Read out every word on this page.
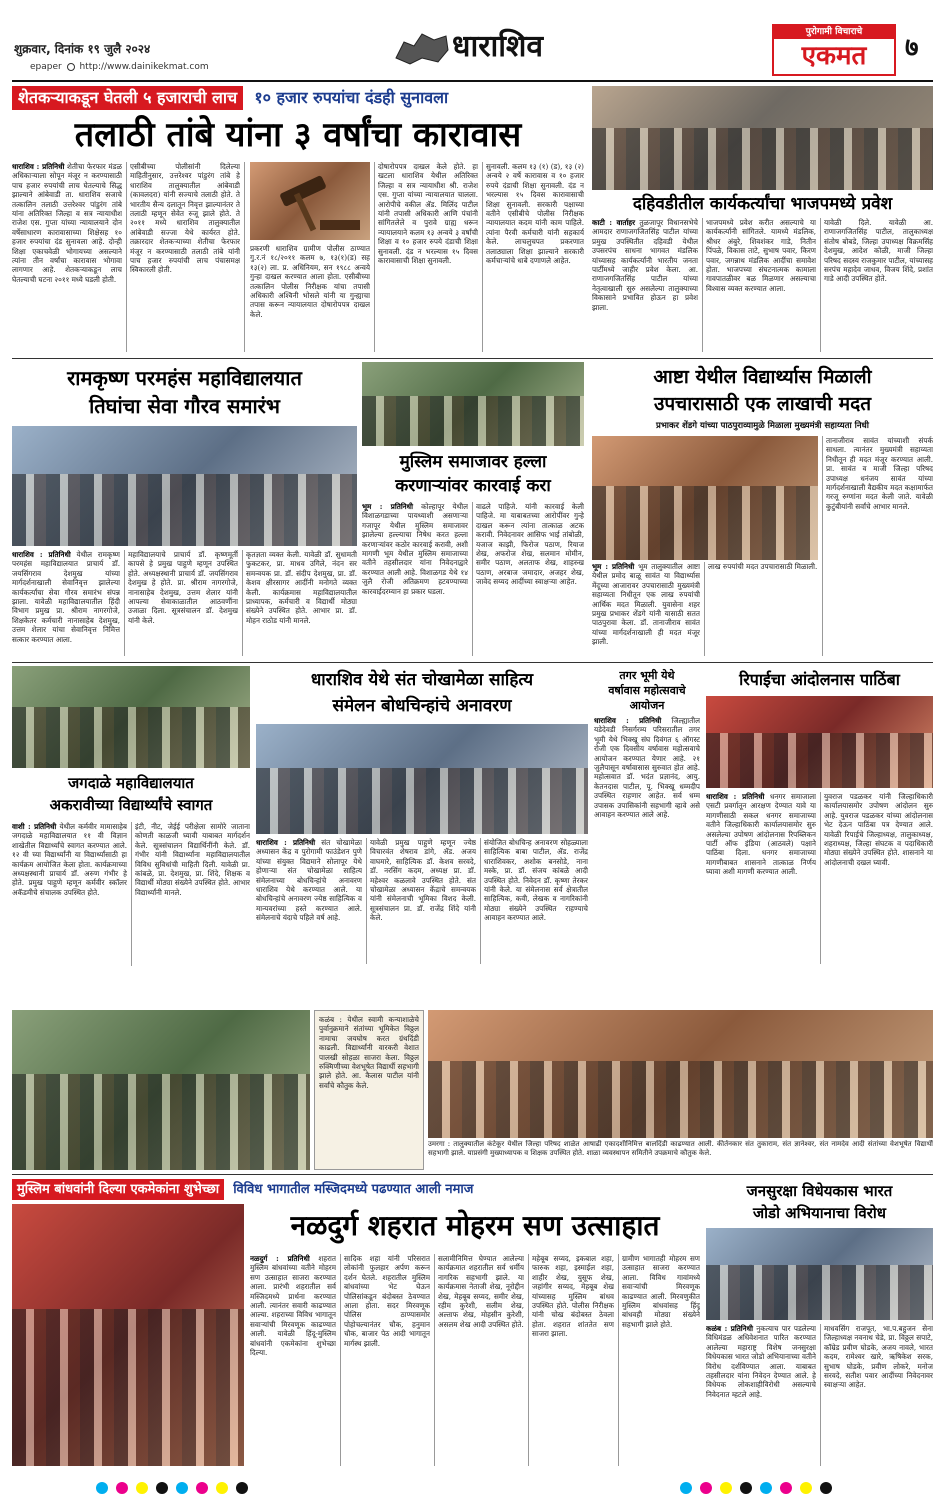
शुक्रवार, दिनांक १९ जुलै २०२४
epaper http://www.dainikekmat.com
धाराशिव	पुरोगामी विचाराचे
एकमत	७
शेतकऱ्याकडून घेतली ५ हजाराची लाच १० हजार रुपयांचा दंडही सुनावला
तलाठी तांबे यांना ३ वर्षांचा कारावास
धाराशिव : प्रतिनिधी शेतीचा फेरफार मंडळ अधिकाऱ्याला सोपून मंजूर न करण्यासाठी पाच हजार रुपयांची लाच घेतल्याचे सिद्ध झाल्याने आंबेवाडी ता. धाराशिव सजाचे तत्कालिन तलाठी उत्तरेश्वर पांडुरंग तांबे यांना अतिरिक्त जिल्हा व सत्र न्यायाधीश राजेश एस. गुप्ता यांच्या न्यायालयाने दोन वर्षेसाधारण कारावासाच्या शिक्षेसह १० हजार रुपयांचा दंड सुनावला आहे. दोन्ही शिक्षा एकाचवेळी भोगायच्या असल्याने त्यांना तीन वर्षांचा कारावास भोगावा लागणार आहे. शेतकऱ्याकडून लाच घेतल्याची घटना २०११ मध्ये घडली होती.
एसीबीच्या पोलीसांनी दिलेल्या माहितीनुसार, उत्तरेश्वर पांडुरंग तांबे हे धाराशिव तालुक्यातील आंबेवाडी (कावलदरा) यांनी सज्याचे तलाठी होते. ते भारतीय सैन्य दलातून निवृत्त झाल्यानंतर ते तलाठी म्हणून सेवेत रुजू झाले होते. ते २०११ मध्ये धाराशिव तालुक्यातील आंबेवाडी सज्जा येथे कार्यरत होते. तक्रारदार शेतकऱ्याच्या शेतीचा फेरफार मंजूर न करण्यासाठी तलाठी तांबे यांनी पाच हजार रुपयांची लाच पंचासमक्ष स्विकारली होती.
प्रकरणी धाराशिव ग्रामीण पोलीस ठाण्यात गु.र.नं १८/२०११ कलम ७, १३(१)(ड) सह १३(२) ला. प्र. अधिनियम, सन १९८८ अन्वये गुन्हा दाखल करण्यात आला होता. एसीबीच्या तत्कालिन पोलीस निरीक्षक यांचा तपासी अधिकारी अश्विनी भोसले यांनी या गुन्ह्याचा तपास करून न्यायालयात दोषारोपपत्र दाखल केले.
दोषारोपपत्र दाखल केले होते. हा खटला धाराशिव येथील अतिरिक्त जिल्हा व सत्र न्यायाधीश श्री. राजेश एस. गुप्ता यांच्या न्यायालयात चालला. आरोपीचे वकील ॲड. मिलिंद पाटील यांनी तपासी अधिकारी आणि पंचांनी सांगितलेले व पुरावे ग्राह्य धरून न्यायालयाने कलम १३ अन्वये ३ वर्षांची शिक्षा व १० हजार रुपये दंडाची शिक्षा सुनावली. दंड न भरल्यास १५ दिवस कारावासाची शिक्षा सुनावली.
सुनावली. कलम १३ (१) (ड), १३ (२) अन्वये २ वर्षे कारावास व १० हजार रुपये दंडाची शिक्षा सुनावली. दंड न भरल्यास १५ दिवस कारावासाची शिक्षा सुनावली. सरकारी पक्षाच्या वतीने एसीबीचे पोलीस निरीक्षक न्यायालयात कदम यांनी काम पाहिले. त्यांना पैरवी कर्मचारी यांनी सहकार्य केले. लाचलुचपत प्रकरणात तलाठ्याला शिक्षा झाल्याने सरकारी कर्मचाऱ्यांचे धाबे दणाणले आहेत.
दहिवडीतील कार्यकर्त्यांचा भाजपमध्ये प्रवेश
काटी : वार्ताहर तुळजापूर विधानसभेचे आमदार राणाजगजितसिंह पाटील यांच्या प्रमुख उपस्थितीत दहिवडी येथील उपसरपंच साधना भागवत मंडलिक यांच्यासह कार्यकर्त्यांनी भारतीय जनता पार्टीमध्ये जाहीर प्रवेश केला. आ. राणाजगजितसिंह पाटील यांच्या नेतृत्वाखाली सुरु असलेल्या तालुक्याच्या विकासाने प्रभावित होऊन हा प्रवेश झाला.
भाजपमध्ये प्रवेश करीत असल्याचे या कार्यकर्त्यांनी सांगितले. यामध्ये मंडलिक, श्रीधर अंबुरे, शिवशंकर गाडे, नितीन पिंपळे, विकास ताटे, सुभाष पवार, किरण पवार, जगन्नाथ मंडलिक आदींचा समावेश होता. भाजपच्या संघटनात्मक कामाला गावपातळीवर बळ मिळणार असल्याचा विश्वास व्यक्त करण्यात आला.
यावेळी दिले. यावेळी आ. राणाजगजितसिंह पाटील, तालुकाध्यक्ष संतोष बोबडे, जिल्हा उपाध्यक्ष विक्रमसिंह देशमुख, आदेश कोळी, माजी जिल्हा परिषद सदस्य राजकुमार पाटील, यांच्यासह सरपंच महादेव जाधव, विजय शिंदे, प्रशांत गाडे आदी उपस्थित होते.
रामकृष्ण परमहंस महाविद्यालयात
तिघांचा सेवा गौरव समारंभ
धाराशिव : प्रतिनिधी येथील रामकृष्ण परमहंस महाविद्यालयात प्राचार्य डॉ. जयसिंगराव देशमुख यांच्या मार्गदर्शनाखाली सेवानिवृत्त झालेल्या कार्यकर्त्यांचा सेवा गौरव समारंभ संपन्न झाला. यावेळी महाविद्यालयातील हिंदी विभाग प्रमुख प्रा. श्रीराम नागरगोजे, शिक्षकेतर कर्मचारी नानासाहेब देशमुख, उत्तम शेलार यांचा सेवानिवृत्त निमित्त सत्कार करण्यात आला.
महाविद्यालयाचे प्राचार्य डॉ. कृष्णमूर्ती कापसे हे प्रमुख पाहुणे म्हणून उपस्थित होते. अध्यक्षस्थानी प्राचार्य डॉ. जयसिंगराव देशमुख हे होते. प्रा. श्रीराम नागरगोजे, नानासाहेब देशमुख, उत्तम शेलार यांनी आपल्या सेवाकाळातील आठवणींना उजाळा दिला. सूत्रसंचालन डॉ. देशमुख यांनी केले.
कृतज्ञता व्यक्त केली. यावेळी डॉ. सुधामती फुकटकर, प्रा. माधव उगिले, नंदन सर समन्वयक प्रा. डॉ. संदीप देशमुख, प्रा. डॉ. केशव क्षीरसागर आदींनी मनोगते व्यक्त केली. कार्यक्रमास महाविद्यालयातील प्राध्यापक, कर्मचारी व विद्यार्थी मोठ्या संख्येने उपस्थित होते. आभार प्रा. डॉ. मोहन राठोड यांनी मानले.
मुस्लिम समाजावर हल्ला
करणाऱ्यांवर कारवाई करा
भूम : प्रतिनिधी कोल्हापूर येथील विशाळगडाच्या पायथ्याशी असणाऱ्या गजापूर येथील मुस्लिम समाजावर झालेल्या हल्ल्याचा निषेध करत हल्ला करणाऱ्यांवर कठोर कारवाई करावी, अशी मागणी भूम येथील मुस्लिम समाजाच्या वतीने तहसीलदार यांना निवेदनाद्वारे करण्यात आली आहे. विशाळगड येथे १४ जुलै रोजी अतिक्रमण हटवण्याच्या कारवाईदरम्यान हा प्रकार घडला.
वाढले पाहिजे. यांनी कारवाई केली पाहिजे. मा याबाबतच्या आरोपींवर गुन्हे दाखल करून त्यांना तात्काळ अटक करावी. निवेदनावर आसिफ भाई तांबोळी, यजाज काझी, फिरोज पठाण, रियाज शेख, अफरोज शेख, सलमान मोमीन, समीर पठाण, अलताफ शेख, शाहरुख पठाण, अरबाज जमादार, अजहर शेख, जावेद सय्यद आदींच्या स्वाक्षऱ्या आहेत.
आष्टा येथील विद्यार्थ्यास मिळाली
उपचारासाठी एक लाखाची मदत
प्रभाकर शेंडगे यांच्या पाठपुराव्यामुळे मिळाला मुख्यमंत्री सहाय्यता निधी
भूम : प्रतिनिधी भूम तालुक्यातील आष्टा येथील प्रमोद बाळू सावंत या विद्यार्थ्यास मेंदूच्या आजारावर उपचारासाठी मुख्यमंत्री सहाय्यता निधीतून एक लाख रुपयांची आर्थिक मदत मिळाली. युवासेना शहर प्रमुख प्रभाकर शेंडगे यांनी यासाठी सतत पाठपुरावा केला. डॉ. तानाजीराव सावंत यांच्या मार्गदर्शनाखाली ही मदत मंजूर झाली.
लाख रुपयांची मदत उपचारासाठी मिळाली.
तानाजीराव सावंत यांच्याशी संपर्क साधला. त्यानंतर मुख्यमंत्री सहाय्यता निधीतून ही मदत मंजूर करण्यात आली. प्रा. सावंत व माजी जिल्हा परिषद उपाध्यक्ष धनंजय सावंत यांच्या मार्गदर्शनाखाली वैद्यकीय मदत कक्षामार्फत गरजू रुग्णांना मदत केली जाते. यावेळी कुटुंबीयांनी सर्वांचे आभार मानले.
जगदाळे महाविद्यालयात
अकरावीच्या विद्यार्थ्यांचे स्वागत
वाशी : प्रतिनिधी येथील कर्मवीर मामासाहेब जगदाळे महाविद्यालयात ११ वी विज्ञान शाखेतील विद्यार्थ्यांचे स्वागत करण्यात आले. १२ वी च्या विद्यार्थ्यांनी या विद्यार्थ्यांसाठी हा कार्यक्रम आयोजित केला होता. कार्यक्रमाच्या अध्यक्षस्थानी प्राचार्य डॉ. अरुण गंभीर हे होते. प्रमुख पाहुणे म्हणून कर्मवीर स्कॉलर अकॅडमीचे संचालक उपस्थित होते.
इंटी, नीट, जेईई परीक्षेला सामोरे जाताना कोणती काळजी घ्यावी याबाबत मार्गदर्शन केले. सूत्रसंचालन विद्यार्थिनींनी केले. डॉ. गंभीर यांनी विद्यार्थ्यांना महाविद्यालयातील विविध सुविधांची माहिती दिली. यावेळी प्रा. कांबळे, प्रा. देशमुख, प्रा. शिंदे, शिक्षक व विद्यार्थी मोठ्या संख्येने उपस्थित होते. आभार विद्यार्थ्यांनी मानले.
धाराशिव येथे संत चोखामेळा साहित्य
संमेलन बोधचिन्हांचे अनावरण
धाराशिव : प्रतिनिधी संत चोखामेळा अध्यासन केंद्र व पुरोगामी फाउंडेशन पुणे यांच्या संयुक्त विद्यमाने सोलापूर येथे होणाऱ्या संत चोखामेळा साहित्य संमेलनाच्या बोधचिन्हांचे अनावरण धाराशिव येथे करण्यात आले. या बोधचिन्हांचे अनावरण ज्येष्ठ साहित्यिक व मान्यवरांच्या हस्ते करण्यात आले. संमेलनाचे यंदाचे पहिले वर्ष आहे.
यावेळी प्रमुख पाहुणे म्हणून ज्येष्ठ विचारवंत शेषराव डांगे, ॲड. अजय वाघमारे, साहित्यिक डॉ. केशव सरवदे, डॉ. नरसिंग कदम, अध्यक्ष प्रा. डॉ. महेश्वर कळलावे उपस्थित होते. संत चोखामेळा अध्यासन केंद्राचे समन्वयक यांनी संमेलनाची भूमिका विशद केली. सूत्रसंचालन प्रा. डॉ. राजेंद्र शिंदे यांनी केले.
संयोजित बोधचिन्ह अनावरण सोहळ्याला साहित्यिक बाबा पाटील, ॲड. राजेंद्र धाराशिवकर, अशोक बनसोडे, नाना मस्के, प्रा. डॉ. संजय कांबळे आदी उपस्थित होते. निवेदन डॉ. कृष्णा तेरकर यांनी केले. या संमेलनास सर्व क्षेत्रातील साहित्यिक, कवी, लेखक व नागरिकांनी मोठ्या संख्येने उपस्थित राहण्याचे आवाहन करण्यात आले.
तगर भूमी येथे
वर्षावास महोत्सवाचे
आयोजन
धाराशिव : प्रतिनिधी जिल्ह्यातील यडेदेवडी निसर्गरम्य परिसरातील तगर भूमी येथे भिक्खू संघ दिवंगत ६ ऑगस्ट रोजी एक दिवसीय वर्षावास महोत्सवाचे आयोजन करण्यात येणार आहे. २१ जुलैपासून वर्षावासास सुरुवात होत आहे. महोत्सवात डॉ. भदंत प्रज्ञानंद, आयु. केतनदास पाटील, पू. भिक्खू धम्मदीप उपस्थित राहणार आहेत. सर्व धम्म उपासक उपासिकांनी सहभागी व्हावे असे आवाहन करण्यात आले आहे.
रिपाईचा आंदोलनास पाठिंबा
धाराशिव : प्रतिनिधी धनगर समाजाला एसटी प्रवर्गातून आरक्षण देण्यात यावे या मागणीसाठी सकल धनगर समाजाच्या वतीने जिल्हाधिकारी कार्यालयासमोर सुरु असलेल्या उपोषण आंदोलनास रिपब्लिकन पार्टी ऑफ इंडिया (आठवले) पक्षाने पाठिंबा दिला. धनगर समाजाच्या मागणीबाबत शासनाने तात्काळ निर्णय घ्यावा अशी मागणी करण्यात आली.
युवराज पडळकर यांनी जिल्हाधिकारी कार्यालयासमोर उपोषण आंदोलन सुरु आहे. युवराज पडळकर यांच्या आंदोलनास भेट देऊन पाठिंबा पत्र देण्यात आले. यावेळी रिपाईचे जिल्हाध्यक्ष, तालुकाध्यक्ष, शहराध्यक्ष, जिल्हा संघटक व पदाधिकारी मोठ्या संख्येने उपस्थित होते. शासनाने या आंदोलनाची दखल घ्यावी.
कळंब : येथील स्वामी कन्याशाळेचे पुर्वानुक्रमाने संतांच्या भूमिकेत विठ्ठल नामाचा जयघोष करत ग्रंथदिंडी काढली. विद्यार्थ्यांनी वारकरी वेशात पालखी सोहळा साजरा केला. विठ्ठल रुक्मिणीच्या वेशभूषेत विद्यार्थी सहभागी झाले होते. आ. कैलास पाटील यांनी सर्वांचे कौतुक केले.
उमरगा : तालुक्यातील कंटेकूर येथील जिल्हा परिषद शाळेत आषाढी एकादशीनिमित्त बालदिंडी काढण्यात आली. कीर्तनकार संत तुकाराम, संत ज्ञानेश्वर, संत नामदेव आदी संतांच्या वेशभूषेत विद्यार्थी सहभागी झाले. याप्रसंगी मुख्याध्यापक व शिक्षक उपस्थित होते. शाळा व्यवस्थापन समितीने उपक्रमाचे कौतुक केले.
मुस्लिम बांधवांनी दिल्या एकमेकांना शुभेच्छा विविध भागातील मस्जिदमध्ये पढण्यात आली नमाज
नळदुर्ग शहरात मोहरम सण उत्साहात
नळदुर्ग : प्रतिनिधी शहरात मुस्लिम बांधवांच्या वतीने मोहरम सण उत्साहात साजरा करण्यात आला. प्रारंभी शहरातील सर्व मस्जिदमध्ये प्रार्थना करण्यात आली. त्यानंतर सवारी काढण्यात आल्या. शहराच्या विविध भागातून सवाऱ्यांची मिरवणूक काढण्यात आली. यावेळी हिंदू-मुस्लिम बांधवांनी एकमेकांना शुभेच्छा दिल्या.
सादिक शहा यांनी परिसरात लोकांनी फुलहार अर्पण करून दर्शन घेतले. शहरातील मुस्लिम बांधवांच्या भेट घेऊन पोलिसांकडून बंदोबस्त ठेवण्यात आला होता. सदर मिरवणूक पोलिस ठाण्यासमोर पोहोचल्यानंतर चौक, हनुमान चौक, बाजार पेठ आदी भागातून मार्गस्थ झाली.
सलामीनिमित्त घेण्यात आलेल्या कार्यक्रमात शहरातील सर्व धर्मीय नागरिक सहभागी झाले. या कार्यक्रमास नेताजी शेख, नूरोद्दीन शेख, मेहबूब सय्यद, समीर शेख, रहीम कुरेशी, सलीम शेख, अल्ताफ शेख, मोहसीन कुरेशी, असलम शेख आदी उपस्थित होते.
महेबूब सय्यद, इकबाल शहा, फारुक शहा, इस्माईल शहा, शाहीर शेख, युसूफ शेख, जहांगीर सय्यद, मेहबूब शेख यांच्यासह मुस्लिम बांधव उपस्थित होते. पोलीस निरीक्षक यांनी चोख बंदोबस्त ठेवला होता. शहरात शांततेत सण साजरा झाला.
ग्रामीण भागातही मोहरम सण उत्साहात साजरा करण्यात आला. विविध गावांमध्ये सवाऱ्यांची मिरवणूक काढण्यात आली. मिरवणुकीत मुस्लिम बांधवांसह हिंदू बांधवही मोठ्या संख्येने सहभागी झाले होते.
जनसुरक्षा विधेयकास भारत
जोडो अभियानाचा विरोध
कळंब : प्रतिनिधी नुकत्याच पार पडलेल्या विधिमंडळ अधिवेशनात पारित करण्यात आलेल्या महाराष्ट्र विशेष जनसुरक्षा विधेयकास भारत जोडो अभियानाच्या वतीने विरोध दर्शविण्यात आला. याबाबत तहसीलदार यांना निवेदन देण्यात आले. हे विधेयक लोकशाहीविरोधी असल्याचे निवेदनात म्हटले आहे.
माधवसिंग राजपूत, भा.प.बहुजन सेना जिल्हाध्यक्ष नवनाथ चेडे, प्रा. विठ्ठल सपाटे, कॉम्रेड प्रवीण घोडके, अजय नावले, भारत कदम, रामेश्वर खारे, ऋषिकेश सरक, सुभाष घोडके, प्रवीण लोकरे, मनोज सरवदे, सतीश पवार आदींच्या निवेदनावर स्वाक्षऱ्या आहेत.
